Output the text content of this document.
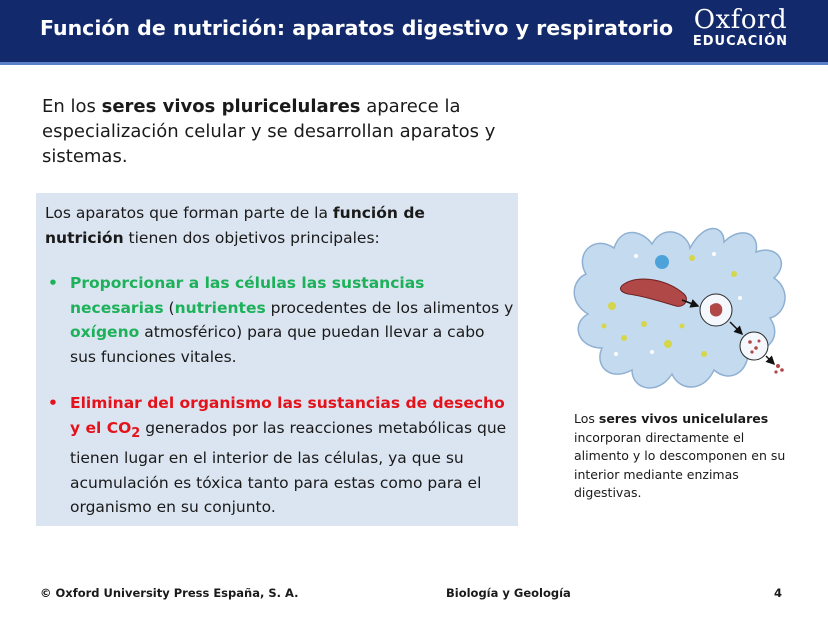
Función de nutrición: aparatos digestivo y respiratorio Oxford
EDUCACIÓN
En los seres vivos pluricelulares aparece la especialización celular y se desarrollan aparatos y sistemas.
Los aparatos que forman parte de la función de nutrición tienen dos objetivos principales:
• Proporcionar a las células las sustancias necesarias (nutrientes procedentes de los alimentos y oxígeno atmosférico) para que puedan llevar a cabo sus funciones vitales.
• Eliminar del organismo las sustancias de desecho y el $CO_2$ generados por las reacciones metabólicas que tienen lugar en el interior de las células, ya que su acumulación es tóxica tanto para estas como para el organismo en su conjunto.
Los seres vivos unicelulares incorporan directamente el alimento y lo descomponen en su interior mediante enzimas digestivas.
© Oxford University Press España, S. A.	Biología y Geología	4
